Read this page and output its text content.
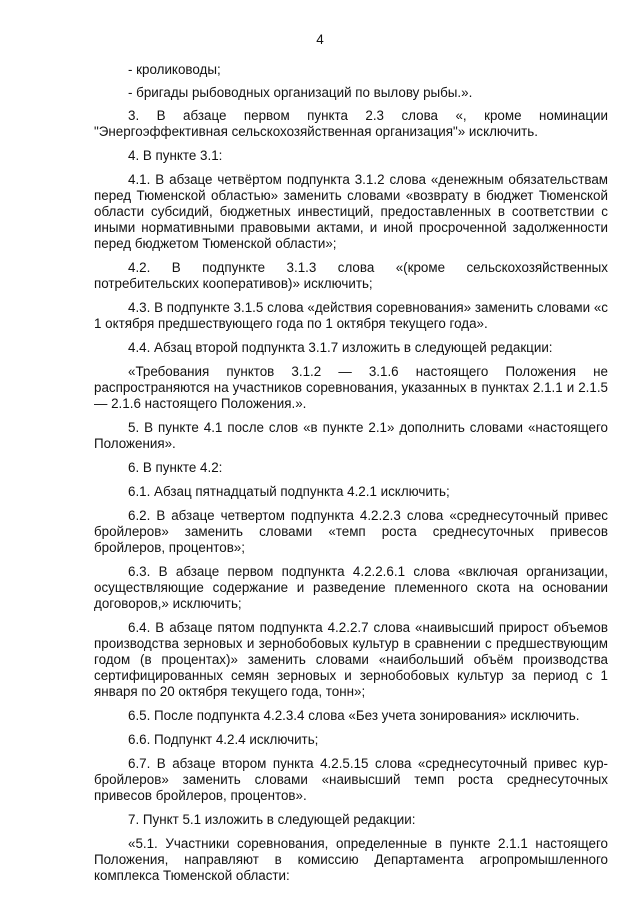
4

- кролиководы;

- бригады рыбоводных организаций по вылову рыбы.».

3. В абзаце первом пункта 2.3 слова «, кроме номинации "Энергоэффективная сельскохозяйственная организация"» исключить.

4. В пункте 3.1:

4.1. В абзаце четвёртом подпункта 3.1.2 слова «денежным обязательствам перед Тюменской областью» заменить словами «возврату в бюджет Тюменской области субсидий, бюджетных инвестиций, предоставленных в соответствии с иными нормативными правовыми актами, и иной просроченной задолженности перед бюджетом Тюменской области»;

4.2. В подпункте 3.1.3 слова «(кроме сельскохозяйственных потребительских кооперативов)» исключить;

4.3. В подпункте 3.1.5 слова «действия соревнования» заменить словами «с 1 октября предшествующего года по 1 октября текущего года».

4.4. Абзац второй подпункта 3.1.7 изложить в следующей редакции:

«Требования пунктов 3.1.2 — 3.1.6 настоящего Положения не распространяются на участников соревнования, указанных в пунктах 2.1.1 и 2.1.5 — 2.1.6 настоящего Положения.».

5. В пункте 4.1 после слов «в пункте 2.1» дополнить словами «настоящего Положения».

6. В пункте 4.2:

6.1. Абзац пятнадцатый подпункта 4.2.1 исключить;

6.2. В абзаце четвертом подпункта 4.2.2.3 слова «среднесуточный привес бройлеров» заменить словами «темп роста среднесуточных привесов бройлеров, процентов»;

6.3. В абзаце первом подпункта 4.2.2.6.1 слова «включая организации, осуществляющие содержание и разведение племенного скота на основании договоров,» исключить;

6.4. В абзаце пятом подпункта 4.2.2.7 слова «наивысший прирост объемов производства зерновых и зернобобовых культур в сравнении с предшествующим годом (в процентах)» заменить словами «наибольший объём производства сертифицированных семян зерновых и зернобобовых культур за период с 1 января по 20 октября текущего года, тонн»;

6.5. После подпункта 4.2.3.4 слова «Без учета зонирования» исключить.

6.6. Подпункт 4.2.4 исключить;

6.7. В абзаце втором пункта 4.2.5.15 слова «среднесуточный привес кур-бройлеров» заменить словами «наивысший темп роста среднесуточных привесов бройлеров, процентов».

7. Пункт 5.1 изложить в следующей редакции:

«5.1. Участники соревнования, определенные в пункте 2.1.1 настоящего Положения, направляют в комиссию Департамента агропромышленного комплекса Тюменской области:
